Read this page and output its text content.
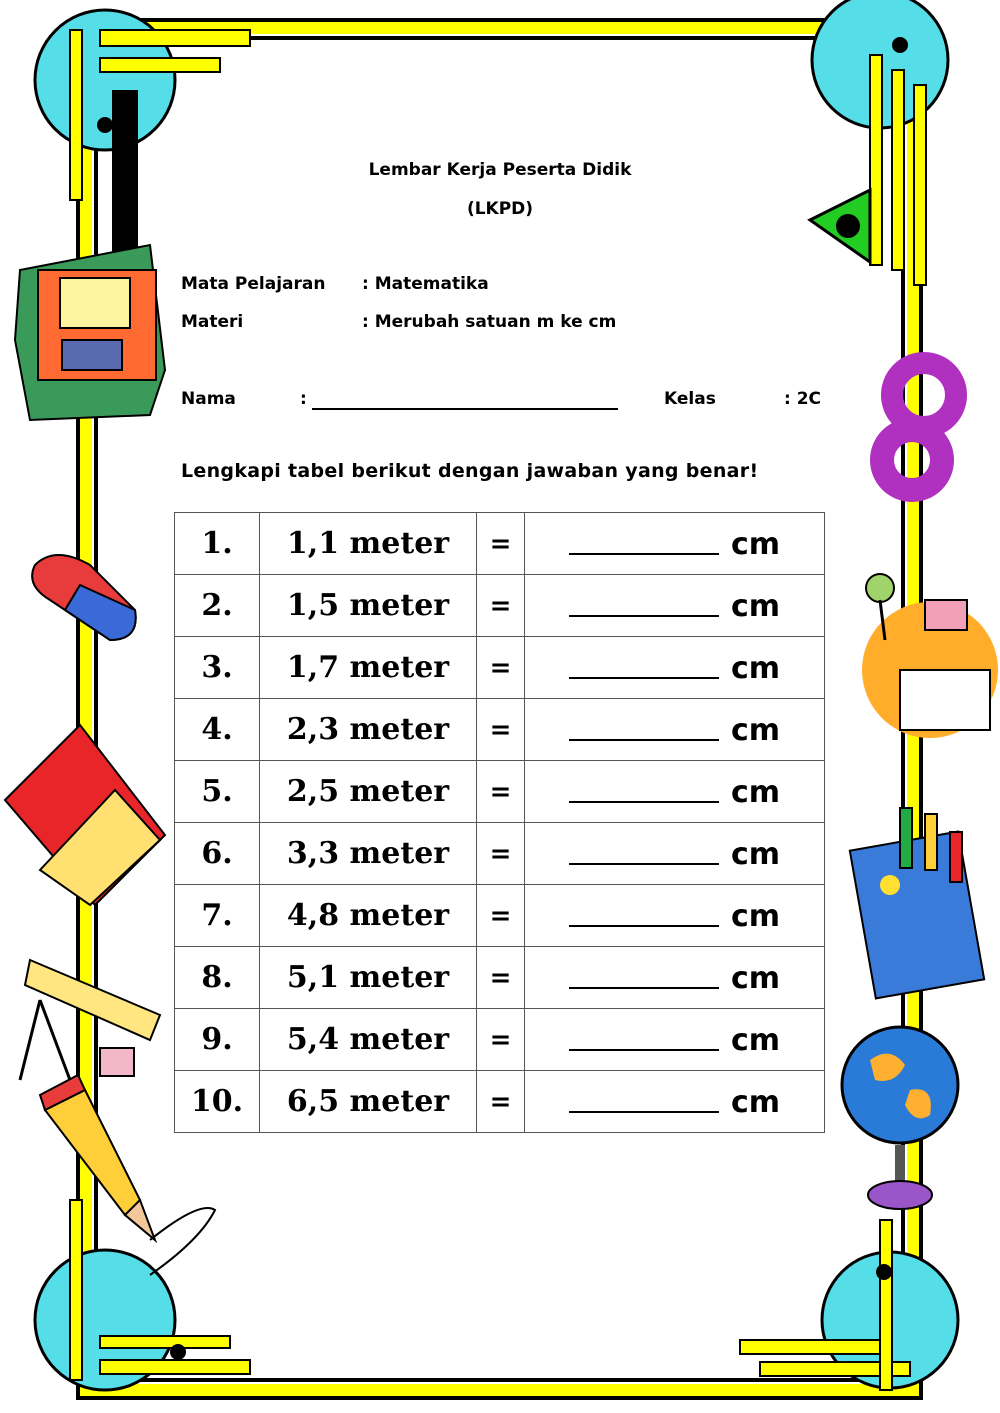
Lembar Kerja Peserta Didik
(LKPD)
Mata Pelajaran : Matematika
Materi	: Merubah satuan m ke cm
Nama	:	Kelas	: 2C
Lengkapi tabel berikut dengan jawaban yang benar!
1.	1,1 meter	=	cm
2.	1,5 meter	=	cm
3.	1,7 meter	=	cm
4.	2,3 meter	=	cm
5.	2,5 meter	=	cm
6.	3,3 meter	=	cm
7.	4,8 meter	=	cm
8.	5,1 meter	=	cm
9.	5,4 meter	=	cm
10.	6,5 meter	=	cm
